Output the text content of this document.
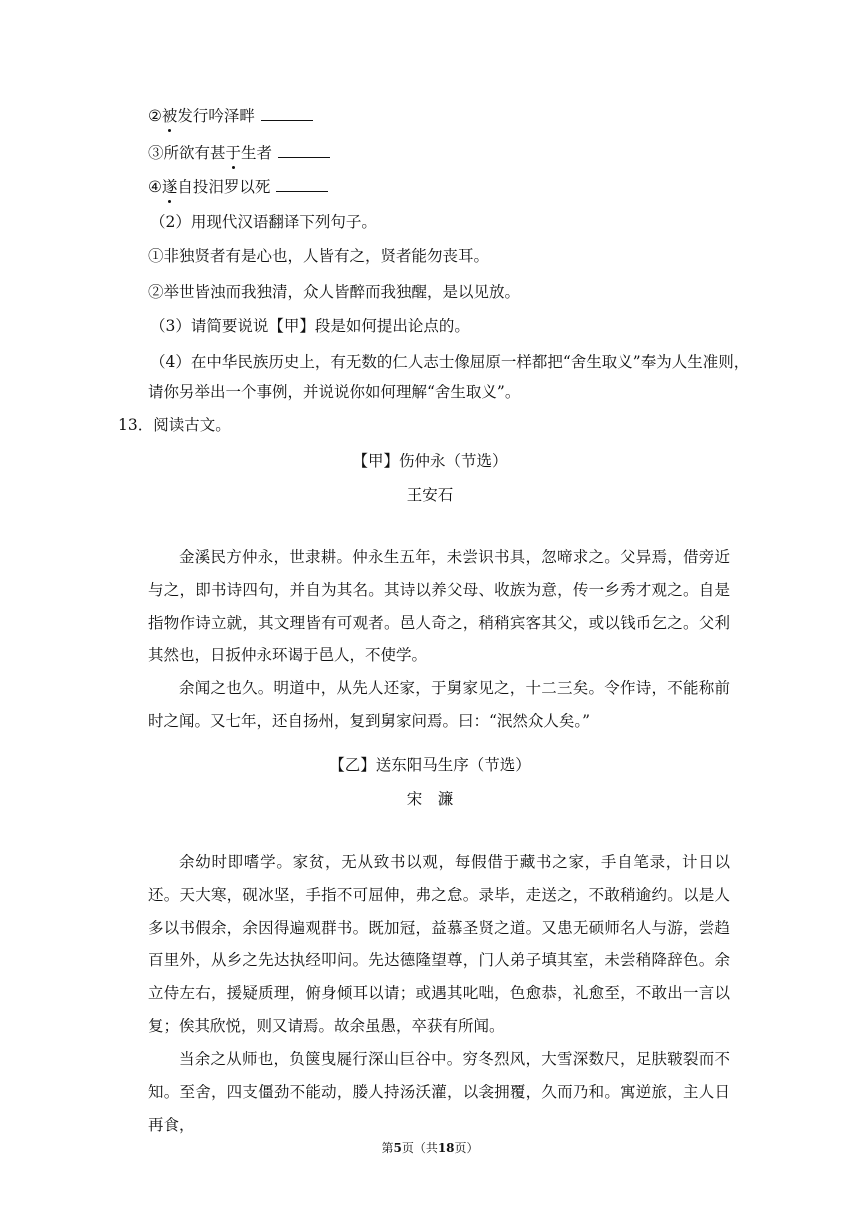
②被发行吟泽畔
③所欲有甚于生者
④遂自投汨罗以死
（2）用现代汉语翻译下列句子。
①非独贤者有是心也，人皆有之，贤者能勿丧耳。
②举世皆浊而我独清，众人皆醉而我独醒，是以见放。
（3）请简要说说【甲】段是如何提出论点的。
（4）在中华民族历史上，有无数的仁人志士像屈原一样都把“舍生取义”奉为人生准则，
请你另举出一个事例，并说说你如何理解“舍生取义”。
13．阅读古文。
【甲】伤仲永（节选）
王安石
金溪民方仲永，世隶耕。仲永生五年，未尝识书具，忽啼求之。父异焉，借旁近与之，即书诗四句，并自为其名。其诗以养父母、收族为意，传一乡秀才观之。自是指物作诗立就，其文理皆有可观者。邑人奇之，稍稍宾客其父，或以钱币乞之。父利其然也，日扳仲永环谒于邑人，不使学。
余闻之也久。明道中，从先人还家，于舅家见之，十二三矣。令作诗，不能称前时之闻。又七年，还自扬州，复到舅家问焉。曰：“泯然众人矣。”
【乙】送东阳马生序（节选）
宋　濂
余幼时即嗜学。家贫，无从致书以观，每假借于藏书之家，手自笔录，计日以还。天大寒，砚冰坚，手指不可屈伸，弗之怠。录毕，走送之，不敢稍逾约。以是人多以书假余，余因得遍观群书。既加冠，益慕圣贤之道。又患无硕师名人与游，尝趋百里外，从乡之先达执经叩问。先达德隆望尊，门人弟子填其室，未尝稍降辞色。余立侍左右，援疑质理，俯身倾耳以请；或遇其叱咄，色愈恭，礼愈至，不敢出一言以复；俟其欣悦，则又请焉。故余虽愚，卒获有所闻。
当余之从师也，负箧曳屣行深山巨谷中。穷冬烈风，大雪深数尺，足肤皲裂而不知。至舍，四支僵劲不能动，媵人持汤沃灌，以衾拥覆，久而乃和。寓逆旅，主人日再食，
第5页（共18页）
